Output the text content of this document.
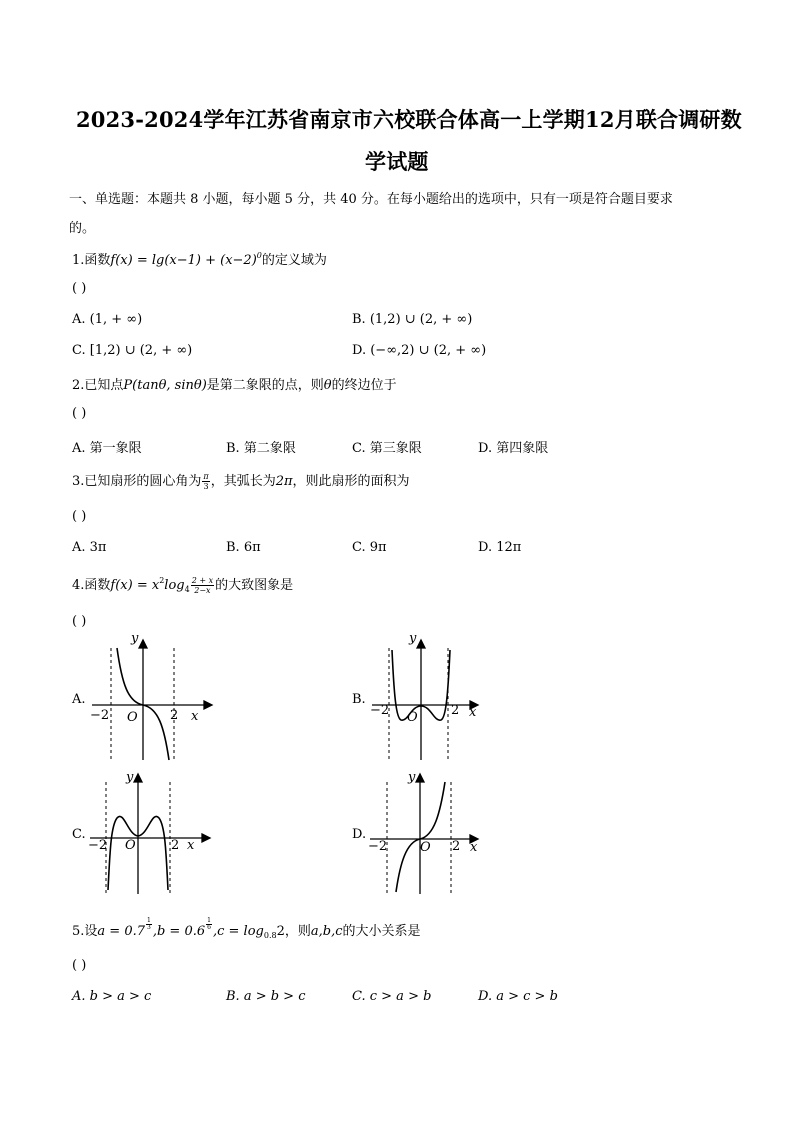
2023-2024学年江苏省南京市六校联合体高一上学期12月联合调研数
学试题
一、单选题：本题共 8 小题，每小题 5 分，共 40 分。在每小题给出的选项中，只有一项是符合题目要求
的。
1.函数$f(x) = \lg(x-1) + (x-2)^0$的定义域为
( )
A. (1, + ∞)	B. (1,2) ∪ (2, + ∞)
C. [1,2) ∪ (2, + ∞)	D. (−∞,2) ∪ (2, + ∞)
2.已知点P(tanθ, sinθ)是第二象限的点，则θ的终边位于
( )
A. 第一象限	B. 第二象限	C. 第三象限	D. 第四象限
3.已知扇形的圆心角为 $\frac{\pi}{3}$ ，其弧长为2π，则此扇形的面积为
( )
A. 3π	B. 6π	C. 9π	D. 12π
4.函数$f(x) = x^2\log_4 \frac{2 + x}{2-x}$ 的大致图象是
( )
A.
y
x
O
−2	2
B.
y
x
O
−2	2
C.
y
x
O
−2	2
D.
y
x
O
−2	2
5.设$a = 0.7 \frac{1}{3} ,b = 0.6 \frac{1}{6} ,c = \log_{0.8}2$，则a,b,c的大小关系是
( )
A. b > a > c	B. a > b > c	C. c > a > b	D. a > c > b
